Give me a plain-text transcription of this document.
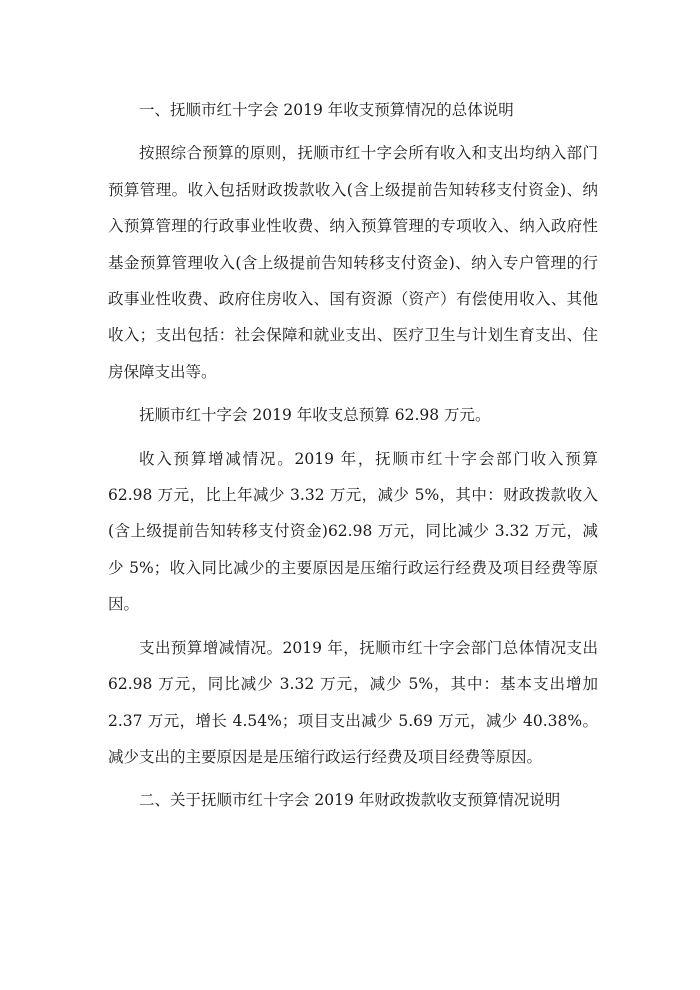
一、抚顺市红十字会 2019 年收支预算情况的总体说明

按照综合预算的原则，抚顺市红十字会所有收入和支出均纳入部门预算管理。收入包括财政拨款收入(含上级提前告知转移支付资金)、纳入预算管理的行政事业性收费、纳入预算管理的专项收入、纳入政府性基金预算管理收入(含上级提前告知转移支付资金)、纳入专户管理的行政事业性收费、政府住房收入、国有资源（资产）有偿使用收入、其他收入；支出包括：社会保障和就业支出、医疗卫生与计划生育支出、住房保障支出等。

抚顺市红十字会 2019 年收支总预算 62.98 万元。

收入预算增减情况。2019 年，抚顺市红十字会部门收入预算 62.98 万元，比上年减少 3.32 万元，减少 5%，其中：财政拨款收入(含上级提前告知转移支付资金)62.98 万元，同比减少 3.32 万元，减少 5%；收入同比减少的主要原因是压缩行政运行经费及项目经费等原因。

支出预算增减情况。2019 年，抚顺市红十字会部门总体情况支出 62.98 万元，同比减少 3.32 万元，减少 5%，其中：基本支出增加 2.37 万元，增长 4.54%；项目支出减少 5.69 万元，减少 40.38%。减少支出的主要原因是是压缩行政运行经费及项目经费等原因。

二、关于抚顺市红十字会 2019 年财政拨款收支预算情况说明
